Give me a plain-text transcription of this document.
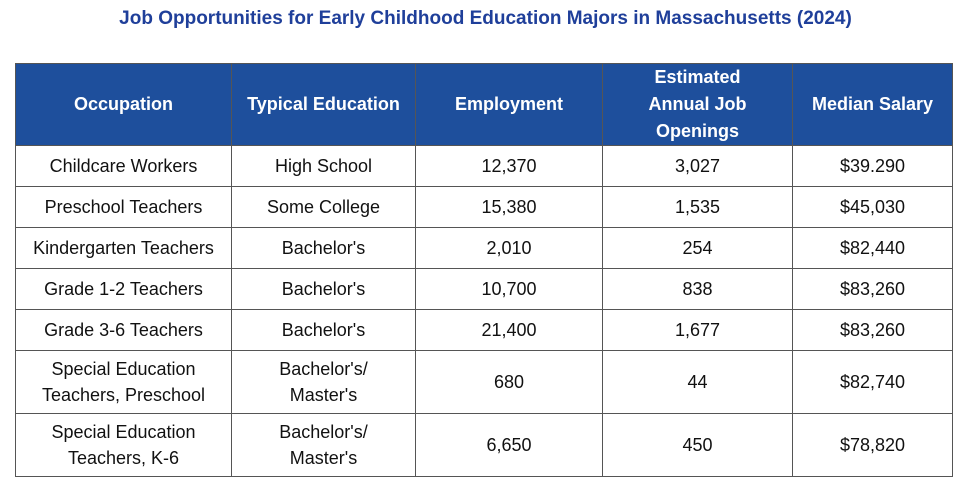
Job Opportunities for Early Childhood Education Majors in Massachusetts (2024)
Occupation	Typical Education	Employment	Estimated Annual Job Openings	Median Salary
Childcare Workers	High School	12,370	3,027	$39.290
Preschool Teachers	Some College	15,380	1,535	$45,030
Kindergarten Teachers	Bachelor's	2,010	254	$82,440
Grade 1-2 Teachers	Bachelor's	10,700	838	$83,260
Grade 3-6 Teachers	Bachelor's	21,400	1,677	$83,260
Special Education Teachers, Preschool	Bachelor's/ Master's	680	44	$82,740
Special Education Teachers, K-6	Bachelor's/ Master's	6,650	450	$78,820
